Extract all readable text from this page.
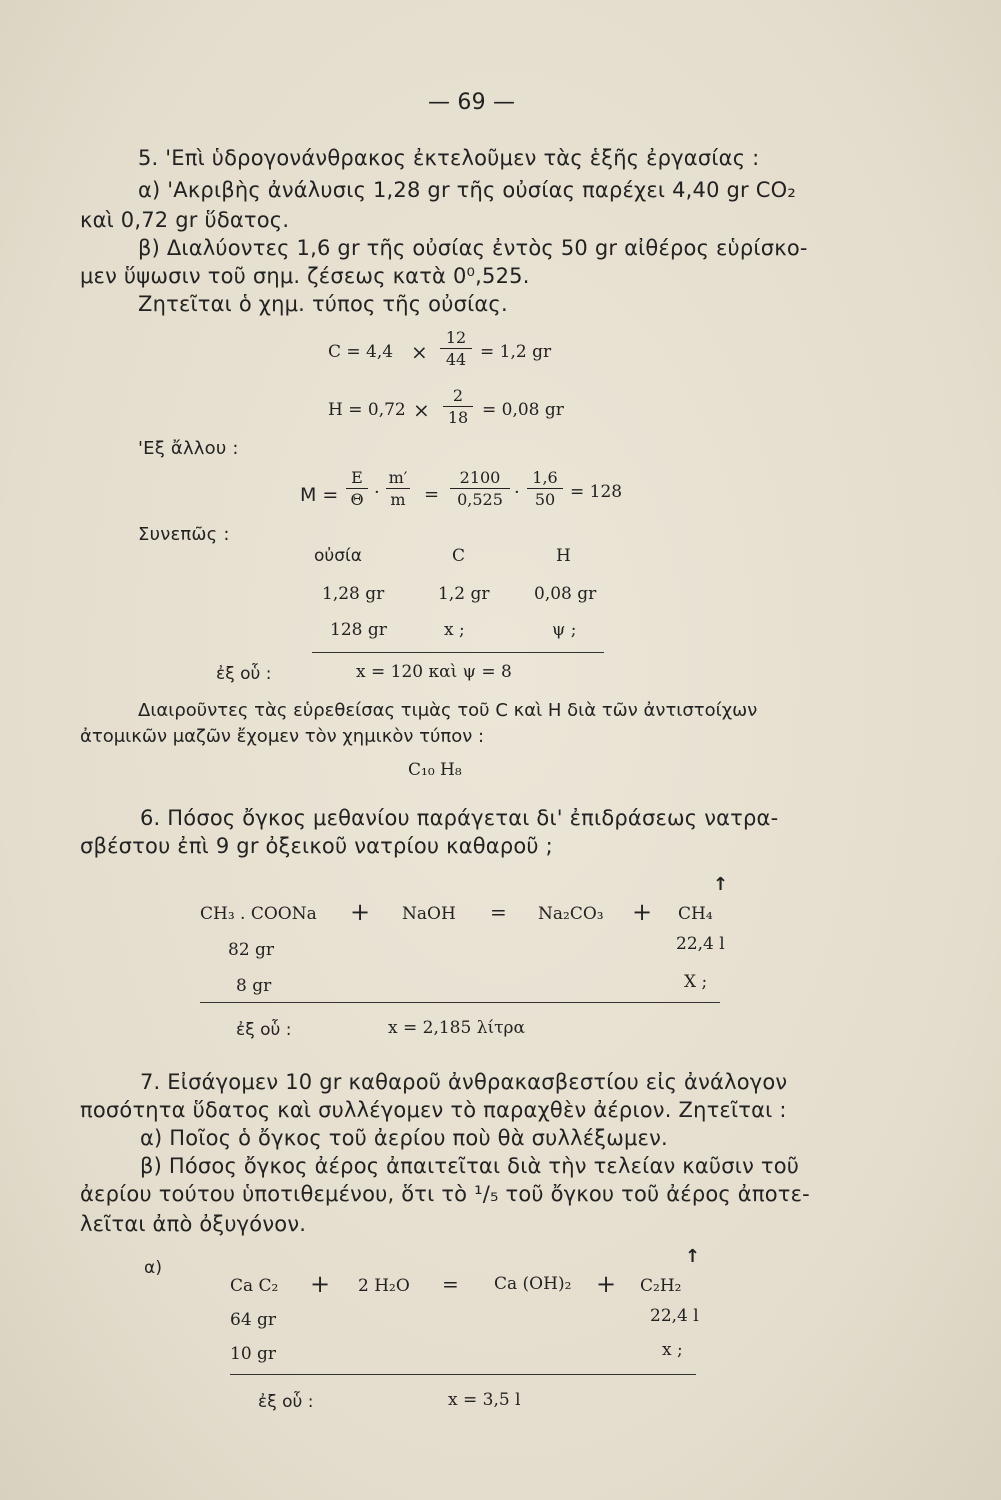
— 69 —
5. 'Επὶ ὑδρογονάνθρακος ἐκτελοῦμεν τὰς ἑξῆς ἐργασίας :
α) 'Ακριβὴς ἀνάλυσις 1,28 gr τῆς οὐσίας παρέχει 4,40 gr CO₂
καὶ 0,72 gr ὕδατος.
β) Διαλύοντες 1,6 gr τῆς οὐσίας ἐντὸς 50 gr αἰθέρος εὑρίσκο-
μεν ὕψωσιν τοῦ σημ. ζέσεως κατὰ 0⁰,525.
Ζητεῖται ὁ χημ. τύπος τῆς οὐσίας.
$C = 4,4 \times \frac{12}{44} = 1,2$ gr
$H = 0,72 \times \frac{2}{18} = 0,08$ gr
'Εξ ἄλλου :
$M = \frac{E}{\Theta} \cdot \frac{m'}{m} = \frac{2100}{0,525} \cdot \frac{1,6}{50} = 128$
Συνεπῶς :
οὐσία	C	H
1,28 gr	1,2 gr	0,08 gr
128 gr	x ;	ψ ;
ἐξ οὗ :	x = 120 καὶ ψ = 8
Διαιροῦντες τὰς εὑρεθείσας τιμὰς τοῦ C καὶ H διὰ τῶν ἀντιστοίχων
ἀτομικῶν μαζῶν ἔχομεν τὸν χημικὸν τύπον :
C₁₀ H₈
6. Πόσος ὄγκος μεθανίου παράγεται δι' ἐπιδράσεως νατρα-
σβέστου ἐπὶ 9 gr ὀξεικοῦ νατρίου καθαροῦ ;
↑
CH₃ . COONa + NaOH = Na₂CO₃ + CH₄
82 gr	22,4 l
8 gr	X ;
ἐξ οὗ :	x = 2,185 λίτρα
7. Εἰσάγομεν 10 gr καθαροῦ ἀνθρακασβεστίου εἰς ἀνάλογον
ποσότητα ὕδατος καὶ συλλέγομεν τὸ παραχθὲν ἀέριον. Ζητεῖται :
α) Ποῖος ὁ ὄγκος τοῦ ἀερίου ποὺ θὰ συλλέξωμεν.
β) Πόσος ὄγκος ἀέρος ἀπαιτεῖται διὰ τὴν τελείαν καῦσιν τοῦ
ἀερίου τούτου ὑποτιθεμένου, ὅτι τὸ ¹/₅ τοῦ ὄγκου τοῦ ἀέρος ἀποτε-
λεῖται ἀπὸ ὀξυγόνον.
α)
↑
Ca C₂ + 2 H₂O = Ca (OH)₂ + C₂H₂
64 gr	22,4 l
10 gr	x ;
ἐξ οὗ :	x = 3,5 l
